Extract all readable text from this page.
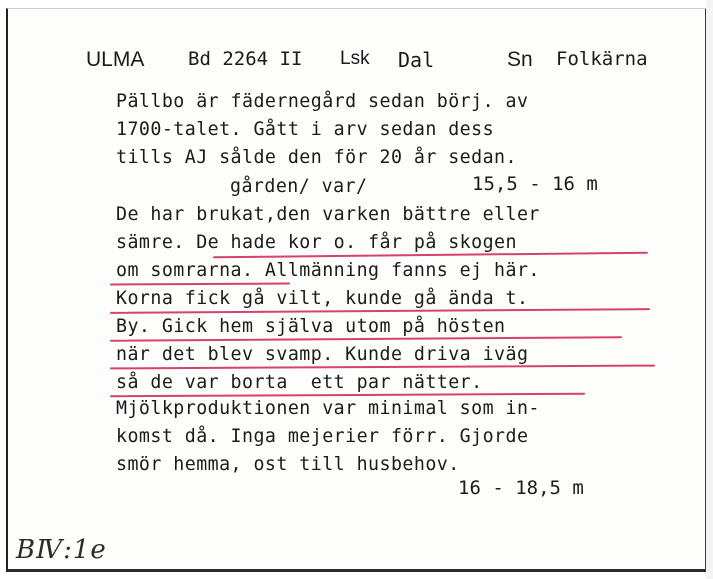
ULMA Bd 2264 II Lsk Dal	Sn Folkärna
Pällbo är fädernegård sedan börj. av
1700-talet. Gått i arv sedan dess
tills AJ sålde den för 20 år sedan.
gården/ var/	15,5 - 16 m
De har brukat,den varken bättre eller
sämre. De hade kor o. får på skogen
om somrarna. Allmänning fanns ej här.
Korna fick gå vilt, kunde gå ända t.
By. Gick hem själva utom på hösten
när det blev svamp. Kunde driva iväg
så de var borta  ett par nätter.
Mjölkproduktionen var minimal som in-
komst då. Inga mejerier förr. Gjorde
smör hemma, ost till husbehov.
16 - 18,5 m
BⅣ:1e
